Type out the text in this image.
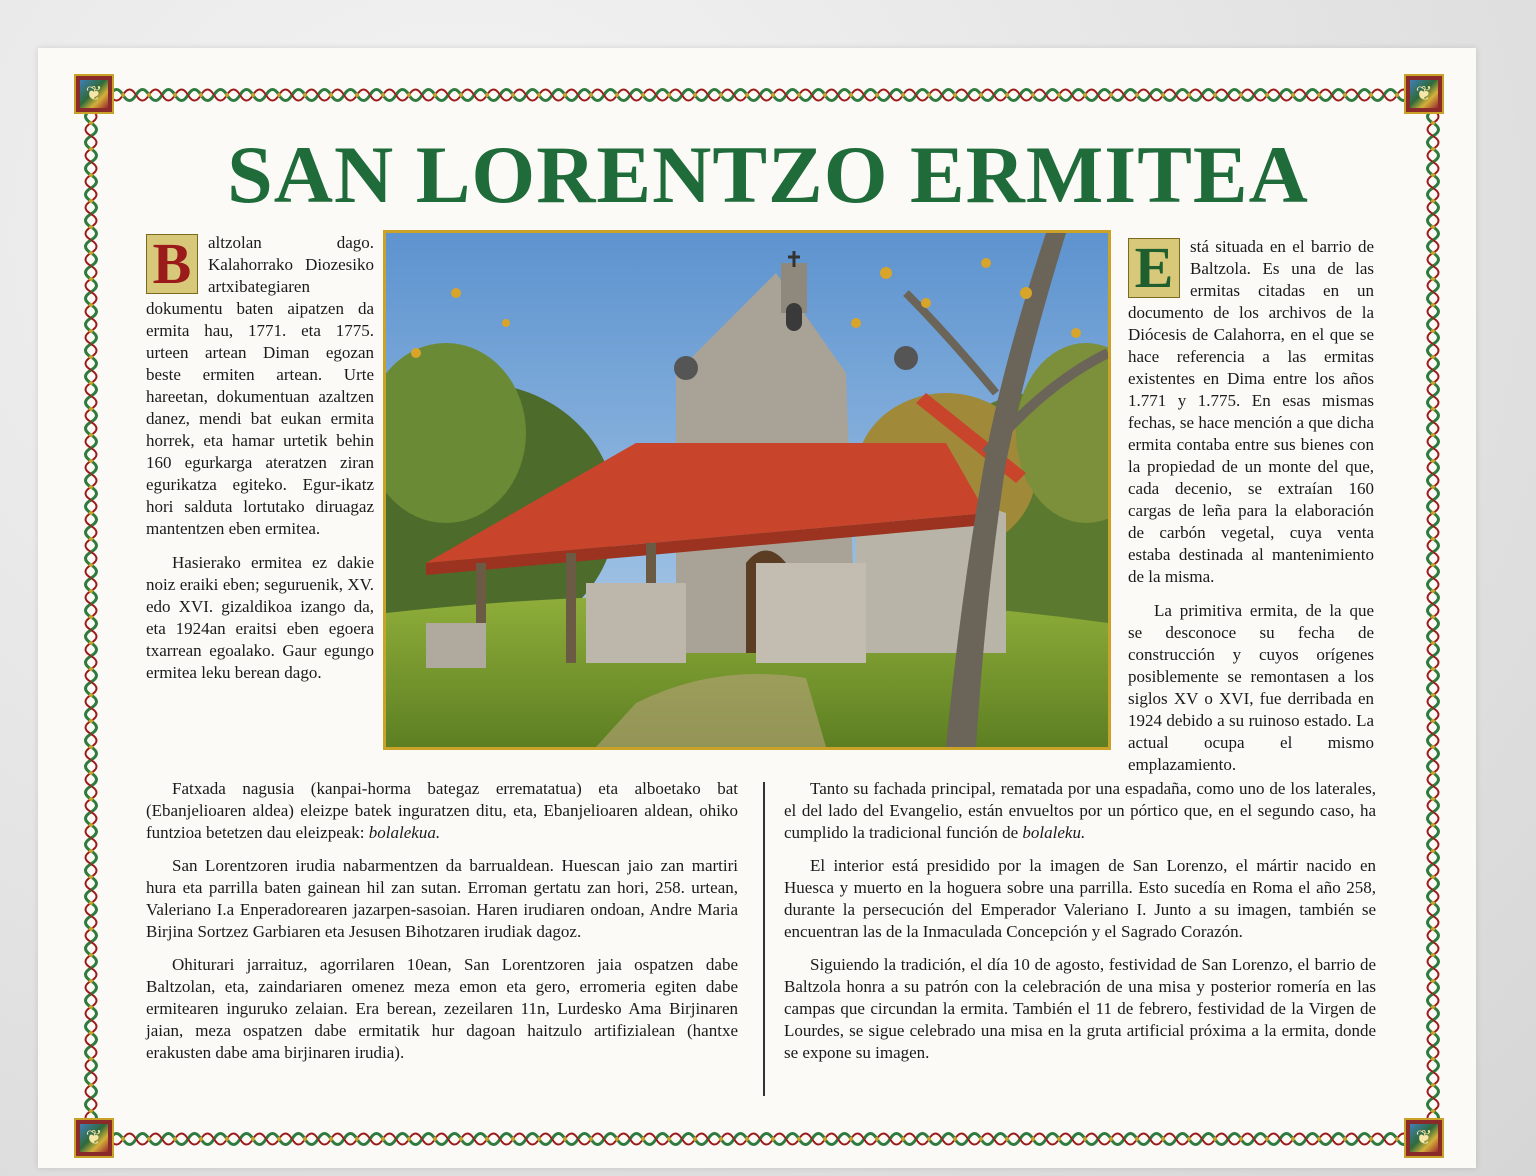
❦	❦
❦	❦
SAN LORENTZO ERMITEA

B altzolan dago. Kalahorrako Diozesiko artxibategiaren dokumentu baten aipatzen da ermita hau, 1771. eta 1775. urteen artean Diman egozan beste ermiten artean. Urte hareetan, dokumentuan azaltzen danez, mendi bat eukan ermita horrek, eta hamar urtetik behin 160 egurkarga ateratzen ziran egurikatza egiteko. Egur-ikatz hori salduta lortutako diruagaz mantentzen eben ermitea.

Hasierako ermitea ez dakie noiz eraiki eben; seguruenik, XV. edo XVI. gizaldikoa izango da, eta 1924an eraitsi eben egoera txarrean egoalako. Gaur egungo ermitea leku berean dago.

E stá situada en el barrio de Baltzola. Es una de las ermitas citadas en un documento de los archivos de la Diócesis de Calahorra, en el que se hace referencia a las ermitas existentes en Dima entre los años 1.771 y 1.775. En esas mismas fechas, se hace mención a que dicha ermita contaba entre sus bienes con la propiedad de un monte del que, cada decenio, se extraían 160 cargas de leña para la elaboración de carbón vegetal, cuya venta estaba destinada al mantenimiento de la misma.

La primitiva ermita, de la que se desconoce su fecha de construcción y cuyos orígenes posiblemente se remontasen a los siglos XV o XVI, fue derribada en 1924 debido a su ruinoso estado. La actual ocupa el mismo emplazamiento.

Fatxada nagusia (kanpai-horma bategaz errematatua) eta alboetako bat (Ebanjelioaren aldea) eleizpe batek inguratzen ditu, eta, Ebanjelioaren aldean, ohiko funtzioa betetzen dau eleizpeak: bolalekua.

San Lorentzoren irudia nabarmentzen da barrualdean. Huescan jaio zan martiri hura eta parrilla baten gainean hil zan sutan. Erroman gertatu zan hori, 258. urtean, Valeriano I.a Enperadorearen jazarpen-sasoian. Haren irudiaren ondoan, Andre Maria Birjina Sortzez Garbiaren eta Jesusen Bihotzaren irudiak dagoz.

Ohiturari jarraituz, agorrilaren 10ean, San Lorentzoren jaia ospatzen dabe Baltzolan, eta, zaindariaren omenez meza emon eta gero, erromeria egiten dabe ermitearen inguruko zelaian. Era berean, zezeilaren 11n, Lurdesko Ama Birjinaren jaian, meza ospatzen dabe ermitatik hur dagoan haitzulo artifizialean (hantxe erakusten dabe ama birjinaren irudia).

Tanto su fachada principal, rematada por una espadaña, como uno de los laterales, el del lado del Evangelio, están envueltos por un pórtico que, en el segundo caso, ha cumplido la tradicional función de bolaleku.

El interior está presidido por la imagen de San Lorenzo, el mártir nacido en Huesca y muerto en la hoguera sobre una parrilla. Esto sucedía en Roma el año 258, durante la persecución del Emperador Valeriano I. Junto a su imagen, también se encuentran las de la Inmaculada Concepción y el Sagrado Corazón.

Siguiendo la tradición, el día 10 de agosto, festividad de San Lorenzo, el barrio de Baltzola honra a su patrón con la celebración de una misa y posterior romería en las campas que circundan la ermita. También el 11 de febrero, festividad de la Virgen de Lourdes, se sigue celebrado una misa en la gruta artificial próxima a la ermita, donde se expone su imagen.
